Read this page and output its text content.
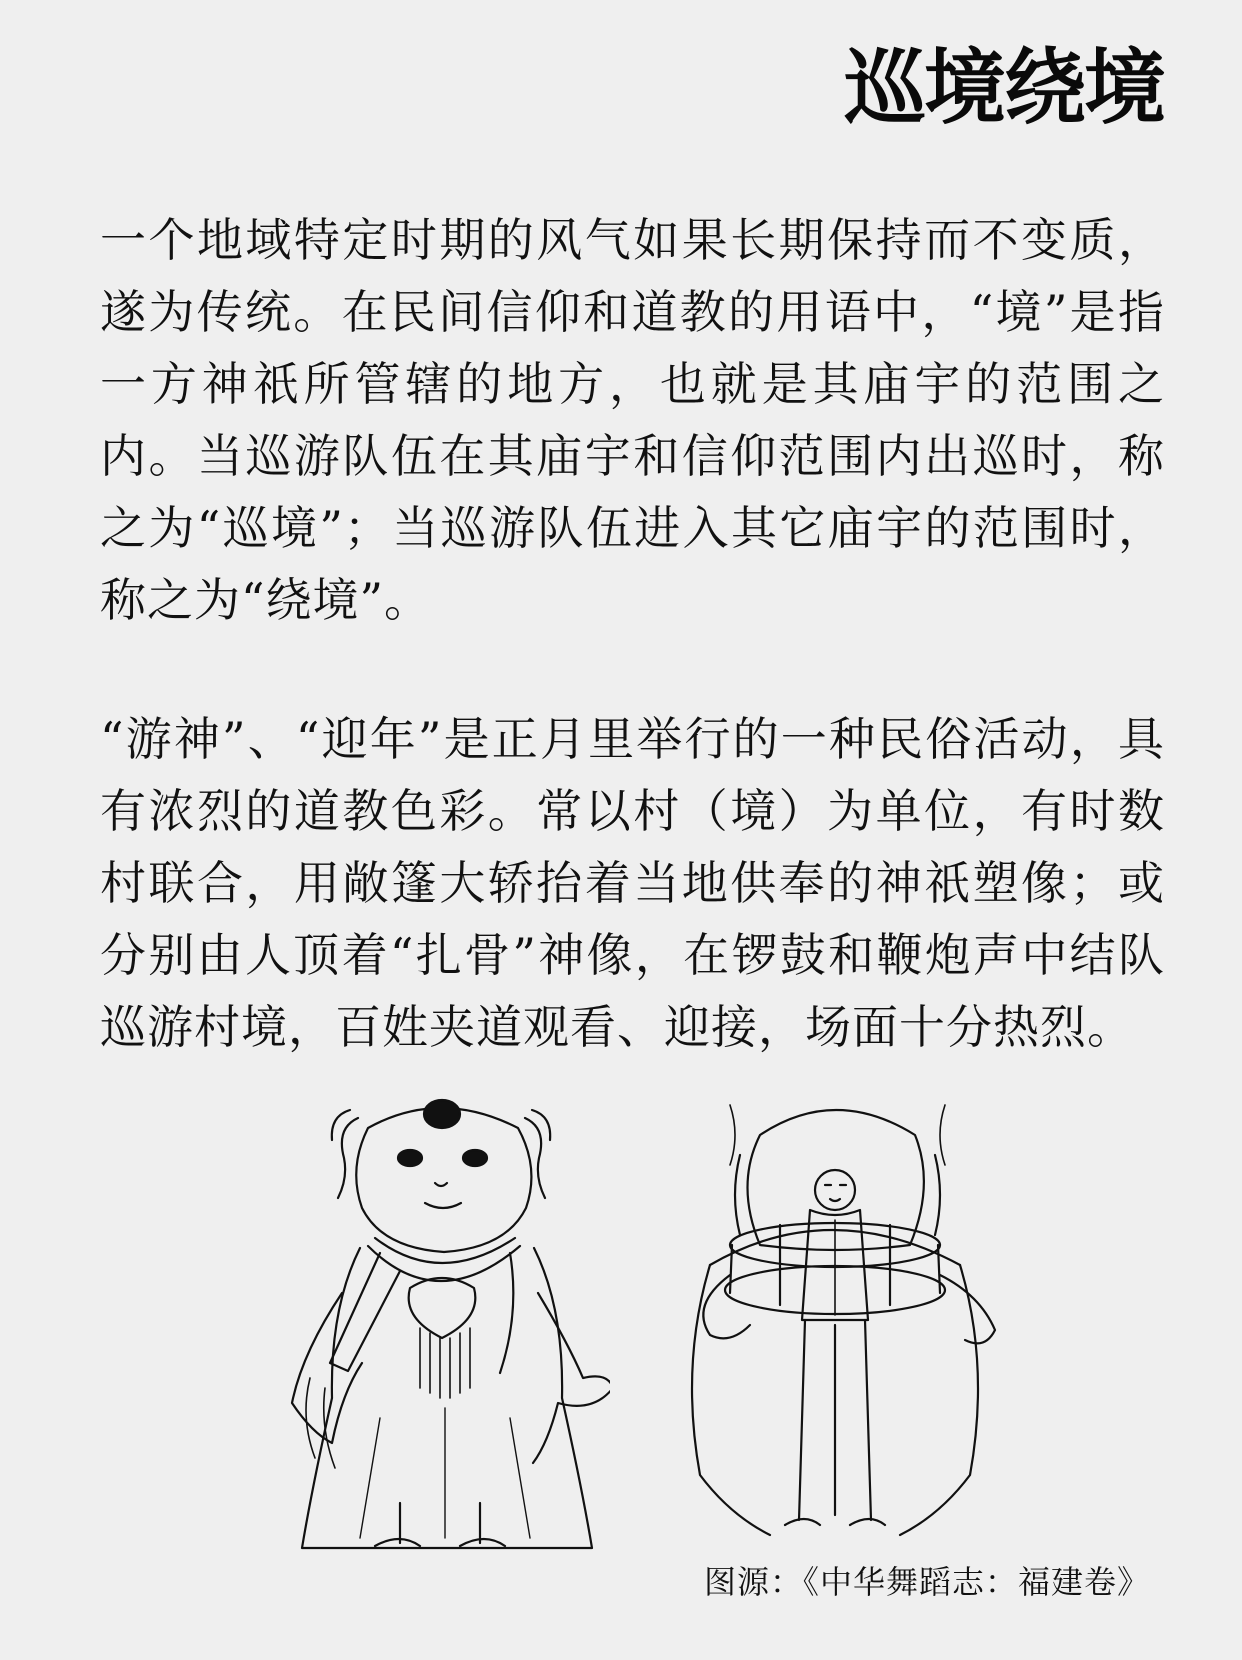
巡境绕境

一个地域特定时期的风气如果长期保持而不变质，遂为传统。在民间信仰和道教的用语中，“境”是指一方神祇所管辖的地方，也就是其庙宇的范围之内。当巡游队伍在其庙宇和信仰范围内出巡时，称之为“巡境”；当巡游队伍进入其它庙宇的范围时，称之为“绕境”。

“游神”、“迎年”是正月里举行的一种民俗活动，具有浓烈的道教色彩。常以村（境）为单位，有时数村联合，用敞篷大轿抬着当地供奉的神祇塑像；或分别由人顶着“扎骨”神像，在锣鼓和鞭炮声中结队巡游村境，百姓夹道观看、迎接，场面十分热烈。

图源：《中华舞蹈志：福建卷》
